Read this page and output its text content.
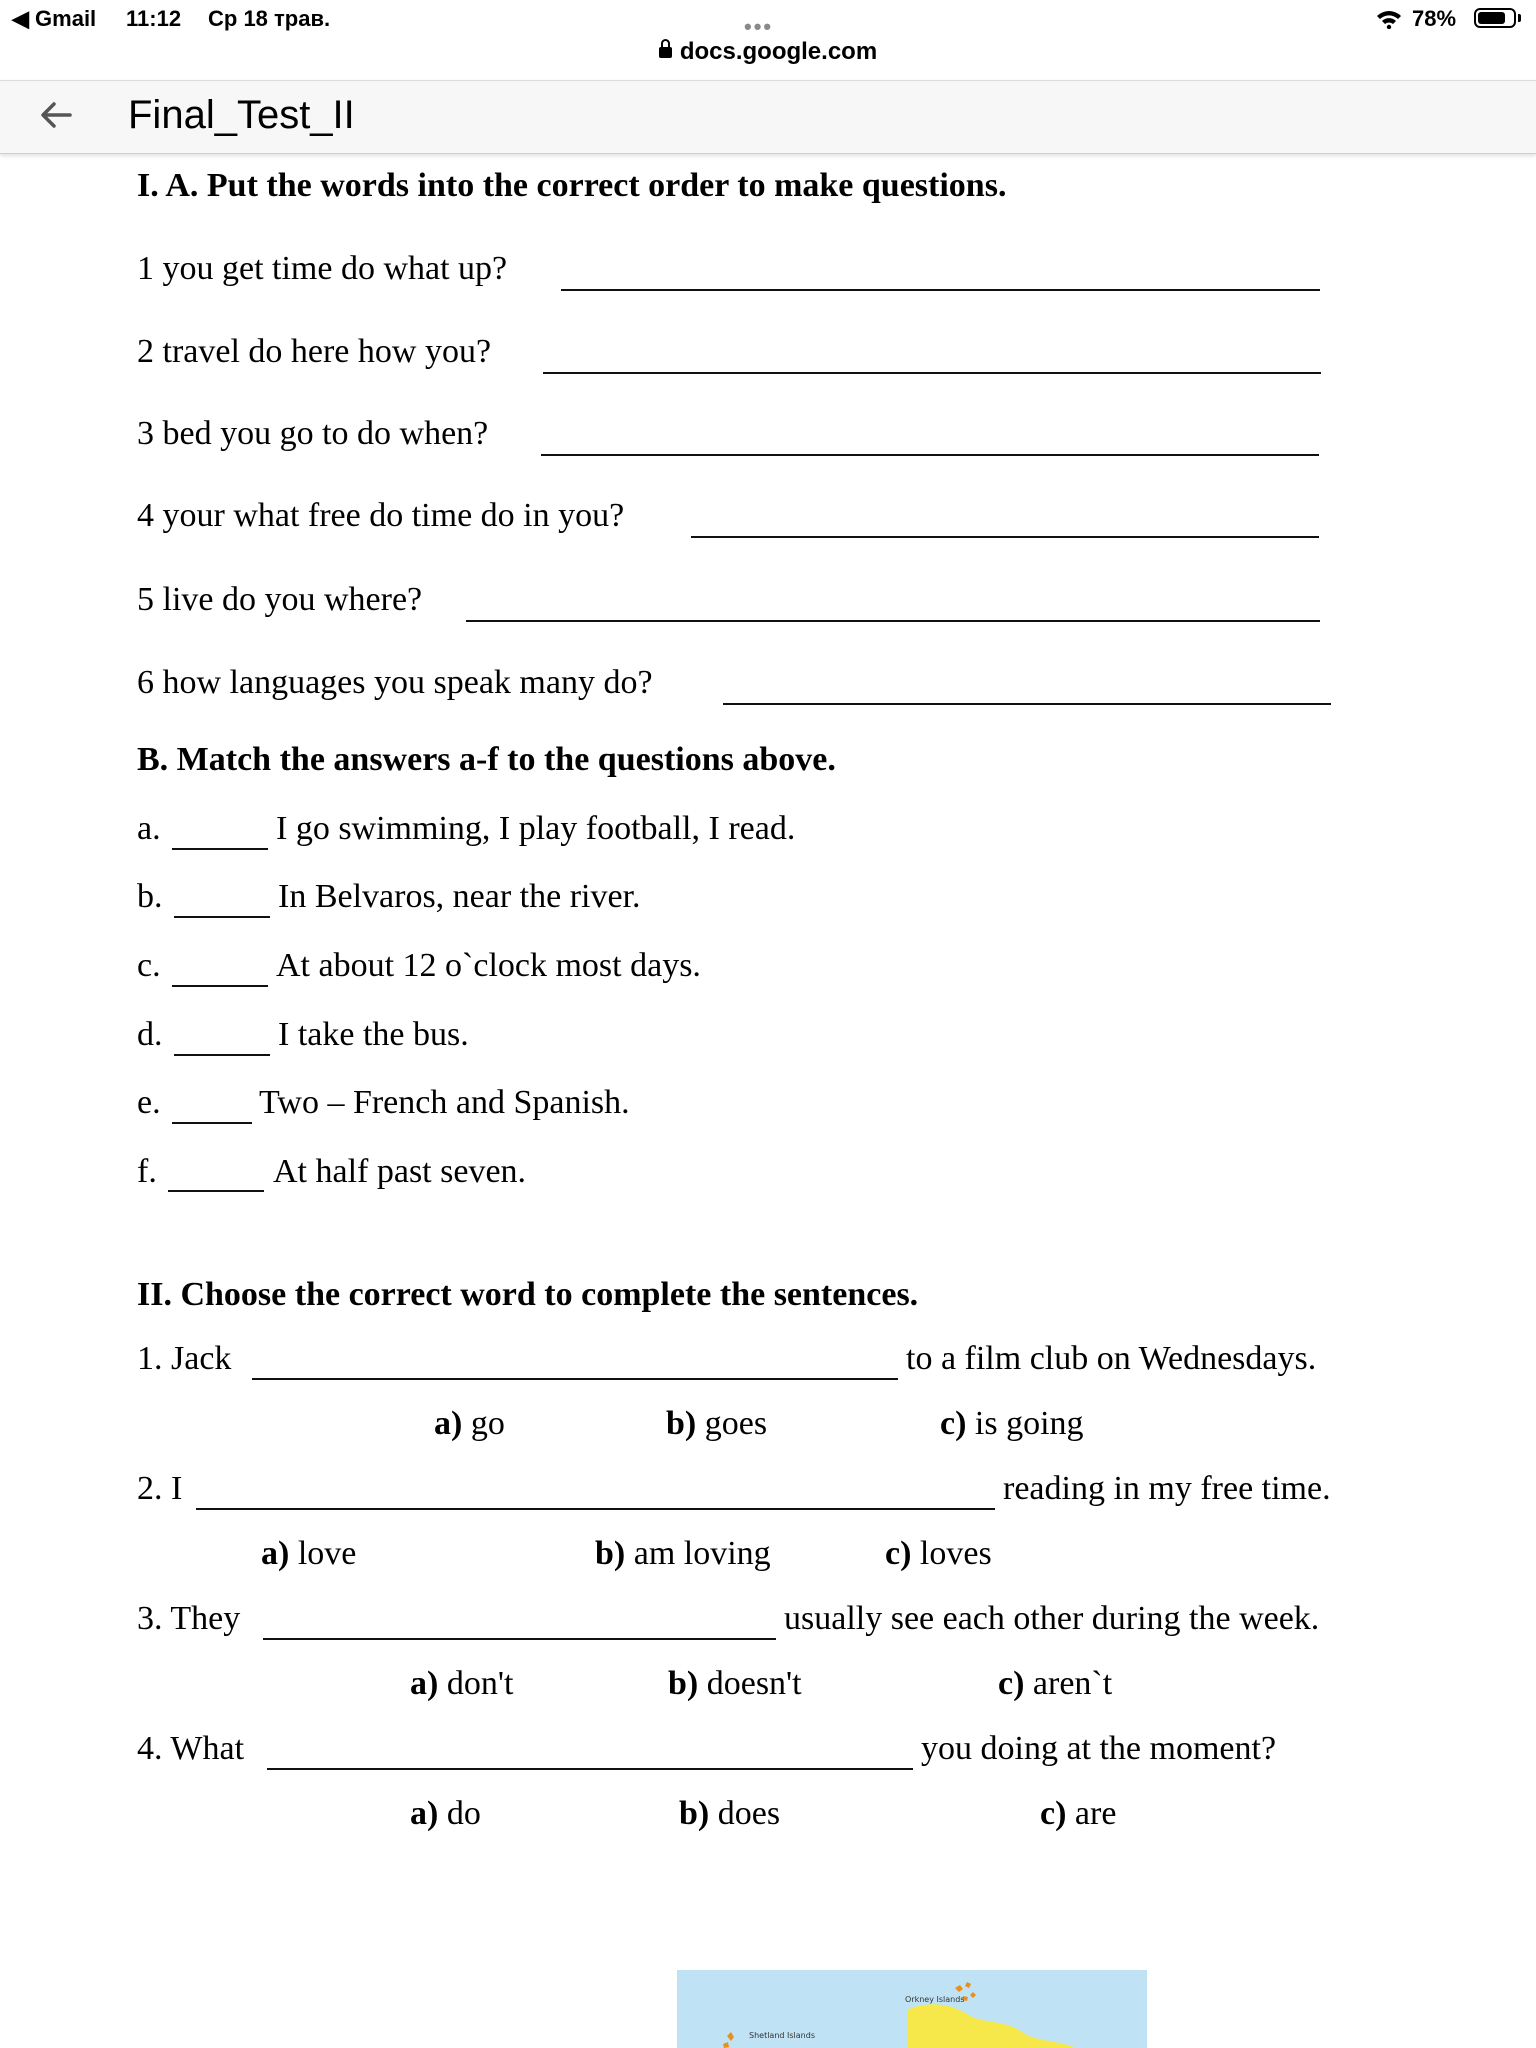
◀ Gmail 11:12 Ср 18 трав.	•••	78%
docs.google.com
Final_Test_II
I. A. Put the words into the correct order to make questions.
1 you get time do what up?
2 travel do here how you?
3 bed you go to do when?
4 your what free do time do in you?
5 live do you where?
6 how languages you speak many do?
B. Match the answers a-f to the questions above.
a.	I go swimming, I play football, I read.
b.	In Belvaros, near the river.
c.	At about 12 o`clock most days.
d.	I take the bus.
e.	Two – French and Spanish.
f.	At half past seven.
II. Choose the correct word to complete the sentences.
1. Jack	to a film club on Wednesdays.
a) go	b) goes	c) is going
2. I	reading in my free time.
a) love	b) am loving	c) loves
3. They	usually see each other during the week.
a) don't	b) doesn't	c) aren`t
4. What	you doing at the moment?
a) do	b) does	c) are
Orkney Islands
Shetland Islands
